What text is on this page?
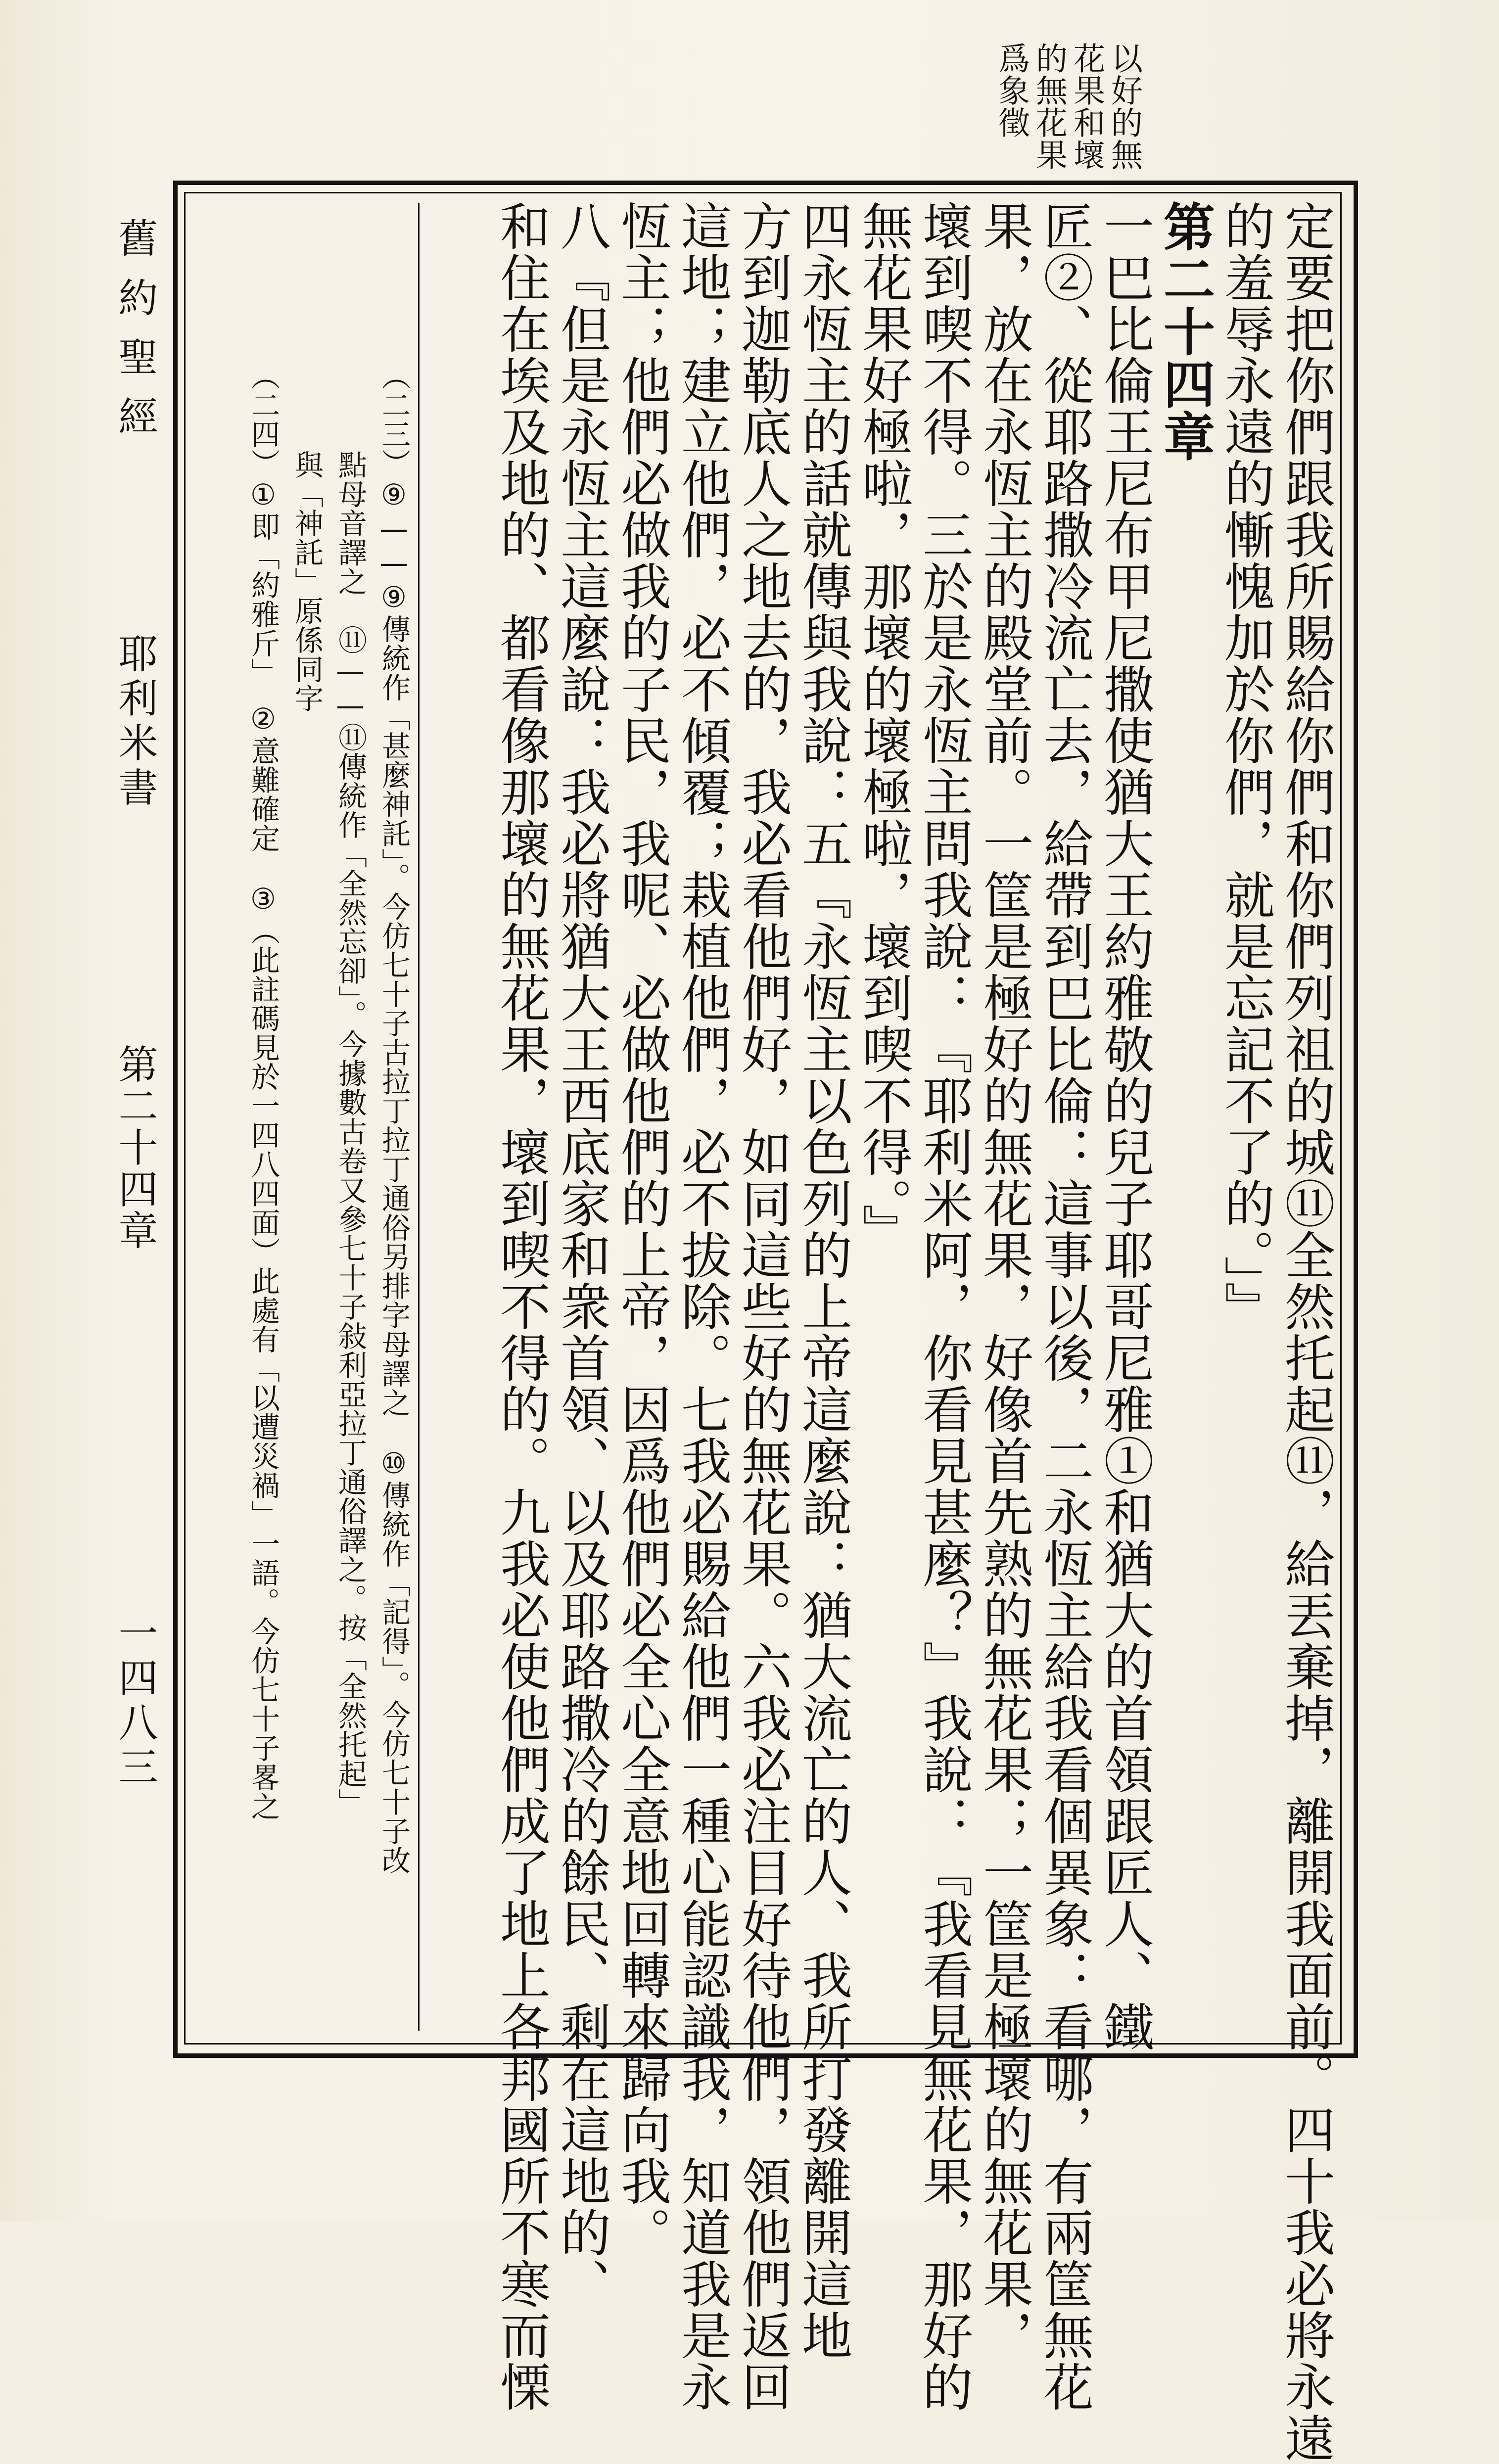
以好的無
花果和壞
的無花果
爲象徵
定要把你們跟我所賜給你們和你們列祖的城⑪全然托起⑪，給丟棄掉，離開我面前。四十我必將永遠
的羞辱永遠的慚愧加於你們，就是忘記不了的。」』
第二十四章
一巴比倫王尼布甲尼撒使猶大王約雅敬的兒子耶哥尼雅①和猶大的首領跟匠人、鐵
匠②、從耶路撒冷流亡去，給帶到巴比倫：這事以後，二永恆主給我看個異象：看哪，有兩筐無花
果，放在永恆主的殿堂前。一筐是極好的無花果，好像首先熟的無花果；一筐是極壞的無花果，
壞到喫不得。三於是永恆主問我說：『耶利米阿，你看見甚麼？』我說：『我看見無花果，那好的
無花果好極啦，那壞的壞極啦，壞到喫不得。』
四永恆主的話就傳與我說：五『永恆主以色列的上帝這麼說：猶大流亡的人、我所打發離開這地
方到迦勒底人之地去的，我必看他們好，如同這些好的無花果。六我必注目好待他們，領他們返回
這地；建立他們，必不傾覆；栽植他們，必不拔除。七我必賜給他們一種心能認識我，知道我是永
恆主；他們必做我的子民，我呢、必做他們的上帝，因爲他們必全心全意地回轉來歸向我。
八『但是永恆主這麼說：我必將猶大王西底家和衆首領、以及耶路撒冷的餘民、剩在這地的、
和住在埃及地的、都看像那壞的無花果，壞到喫不得的。九我必使他們成了地上各邦國所不寒而慄
（二三）⑨——⑨傳統作「甚麼神託」。今仿七十子古拉丁拉丁通俗另排字母譯之　⑩傳統作「記得」。今仿七十子改
點母音譯之　⑪——⑪傳統作「全然忘卻」。今據數古卷又參七十子敍利亞拉丁通俗譯之。按「全然托起」
與「神託」原係同字
（二四）①即「約雅斤」　②意難確定　③（此註碼見於一四八四面）此處有「以遭災禍」一語。今仿七十子畧之
舊約聖經
耶利米書
第二十四章
一四八三
